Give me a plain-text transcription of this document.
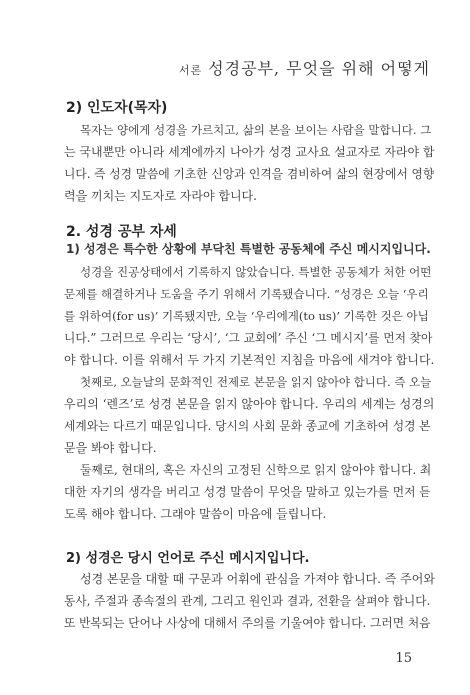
서론 성경공부, 무엇을 위해 어떻게
2) 인도자(목자)
목자는 양에게 성경을 가르치고, 삶의 본을 보이는 사람을 말합니다. 그
는 국내뿐만 아니라 세계에까지 나아가 성경 교사요 설교자로 자라야 합
니다. 즉 성경 말씀에 기초한 신앙과 인격을 겸비하여 삶의 현장에서 영향
력을 끼치는 지도자로 자라야 합니다.
2. 성경 공부 자세
1) 성경은 특수한 상황에 부닥친 특별한 공동체에 주신 메시지입니다.
성경을 진공상태에서 기록하지 않았습니다. 특별한 공동체가 처한 어떤
문제를 해결하거나 도움을 주기 위해서 기록됐습니다. “성경은 오늘 ‘우리
를 위하여(for us)’ 기록됐지만, 오늘 ‘우리에게(to us)’ 기록한 것은 아닙
니다.” 그러므로 우리는 ‘당시’, ‘그 교회에’ 주신 ‘그 메시지’를 먼저 찾아
야 합니다. 이를 위해서 두 가지 기본적인 지침을 마음에 새겨야 합니다.
첫째로, 오늘날의 문화적인 전제로 본문을 읽지 않아야 합니다. 즉 오늘
우리의 ‘렌즈’로 성경 본문을 읽지 않아야 합니다. 우리의 세계는 성경의
세계와는 다르기 때문입니다. 당시의 사회 문화 종교에 기초하여 성경 본
문을 봐야 합니다.
둘째로, 현대의, 혹은 자신의 고정된 신학으로 읽지 않아야 합니다. 최
대한 자기의 생각을 버리고 성경 말씀이 무엇을 말하고 있는가를 먼저 듣
도록 해야 합니다. 그래야 말씀이 마음에 들립니다.
2) 성경은 당시 언어로 주신 메시지입니다.
성경 본문을 대할 때 구문과 어휘에 관심을 가져야 합니다. 즉 주어와
동사, 주절과 종속절의 관계, 그리고 원인과 결과, 전환을 살펴야 합니다.
또 반복되는 단어나 사상에 대해서 주의를 기울여야 합니다. 그러면 처음
15
